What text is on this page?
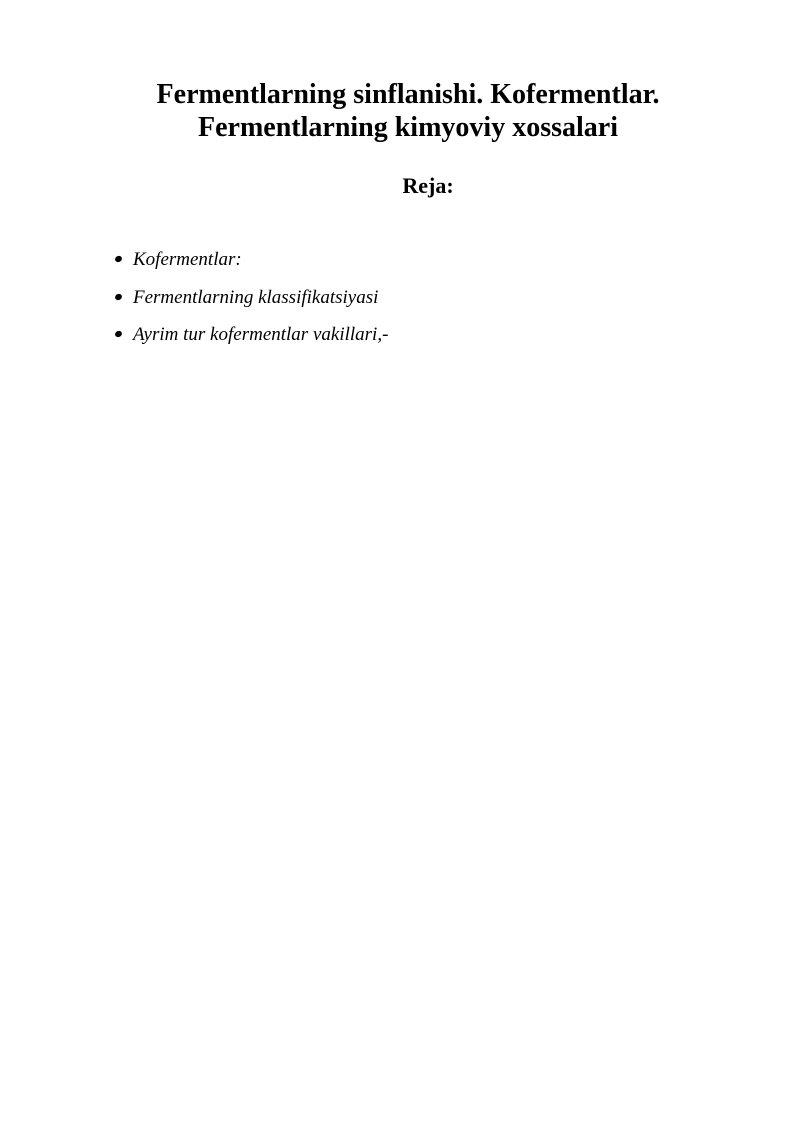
Fermentlarning sinflanishi. Kofermentlar.
Fermentlarning kimyoviy xossalari
Reja:
Kofermentlar:
Fermentlarning klassifikatsiyasi
Ayrim tur kofermentlar vakillari,-
